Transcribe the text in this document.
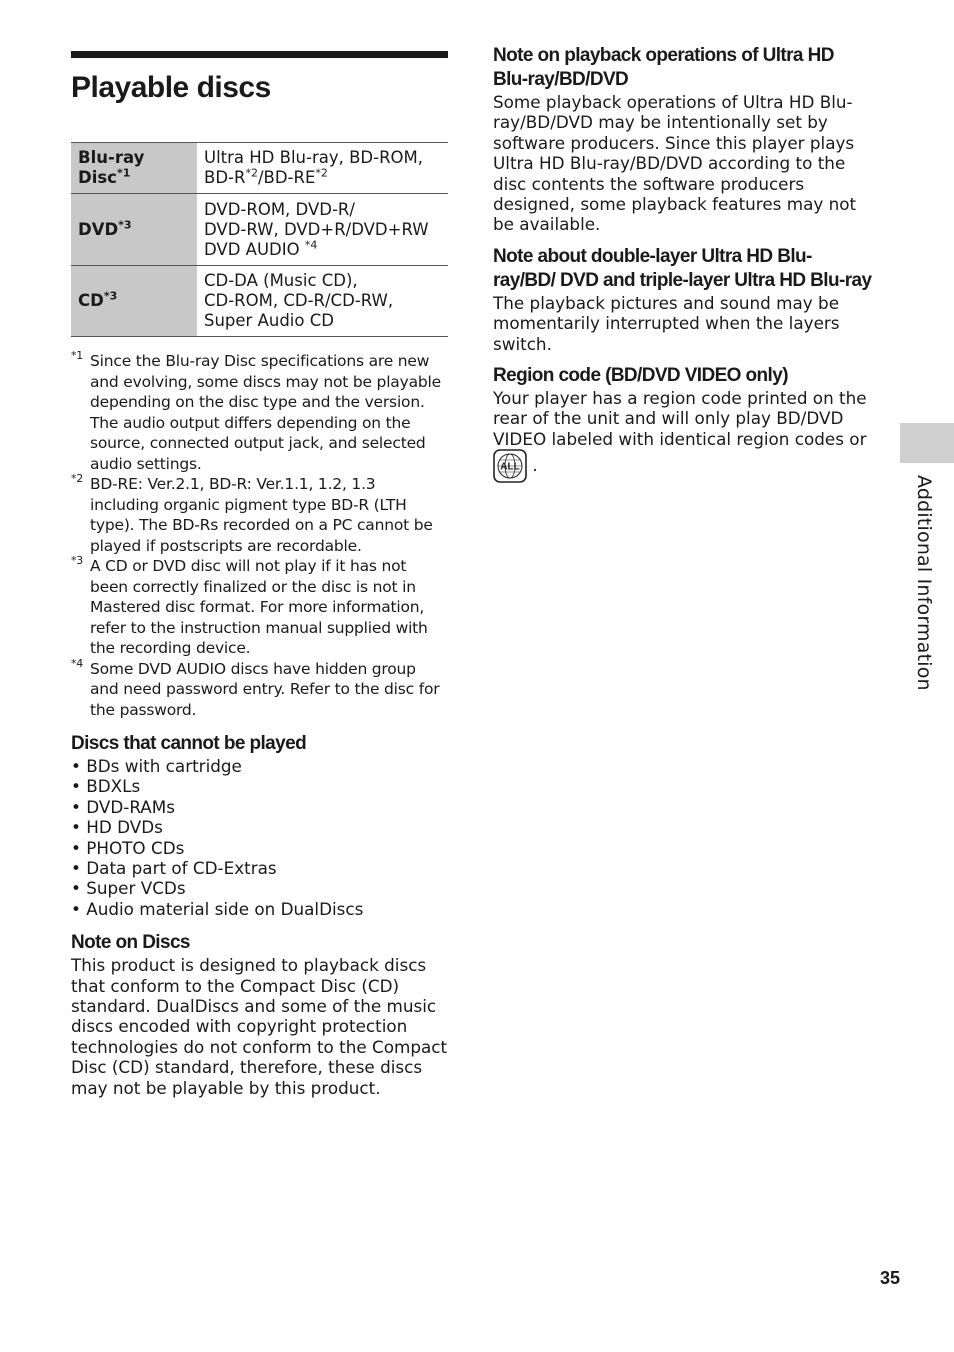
Playable discs
Blu-ray Disc$^{*1}$	Ultra HD Blu-ray, BD-ROM,
$BD-R^{*2}/BD-RE^{*2}$
DVD$^{*3}$	DVD-ROM, DVD-R/
DVD-RW, DVD+R/DVD+RW
DVD AUDIO $^{*4}$
CD$^{*3}$	CD-DA (Music CD),
CD-ROM, CD-R/CD-RW,
Super Audio CD
*1 Since the Blu-ray Disc specifications are new and evolving, some discs may not be playable depending on the disc type and the version. The audio output differs depending on the source, connected output jack, and selected audio settings.
*2 BD-RE: Ver.2.1, BD-R: Ver.1.1, 1.2, 1.3 including organic pigment type BD-R (LTH type). The BD-Rs recorded on a PC cannot be played if postscripts are recordable.
*3 A CD or DVD disc will not play if it has not been correctly finalized or the disc is not in Mastered disc format. For more information, refer to the instruction manual supplied with the recording device.
*4 Some DVD AUDIO discs have hidden group and need password entry. Refer to the disc for the password.
Discs that cannot be played
• BDs with cartridge
• BDXLs
• DVD-RAMs
• HD DVDs
• PHOTO CDs
• Data part of CD-Extras
• Super VCDs
• Audio material side on DualDiscs
Note on Discs

This product is designed to playback discs that conform to the Compact Disc (CD) standard. DualDiscs and some of the music discs encoded with copyright protection technologies do not conform to the Compact Disc (CD) standard, therefore, these discs may not be playable by this product.

Note on playback operations of Ultra HD Blu-ray/BD/DVD

Some playback operations of Ultra HD Blu-ray/BD/DVD may be intentionally set by software producers. Since this player plays Ultra HD Blu-ray/BD/DVD according to the disc contents the software producers designed, some playback features may not be available.

Note about double-layer Ultra HD Blu-ray/BD/ DVD and triple-layer Ultra HD Blu-ray

The playback pictures and sound may be momentarily interrupted when the layers switch.

Region code (BD/DVD VIDEO only)

Your player has a region code printed on the rear of the unit and will only play BD/DVD VIDEO labeled with identical region codes or

ALL .

Additional Information
35
